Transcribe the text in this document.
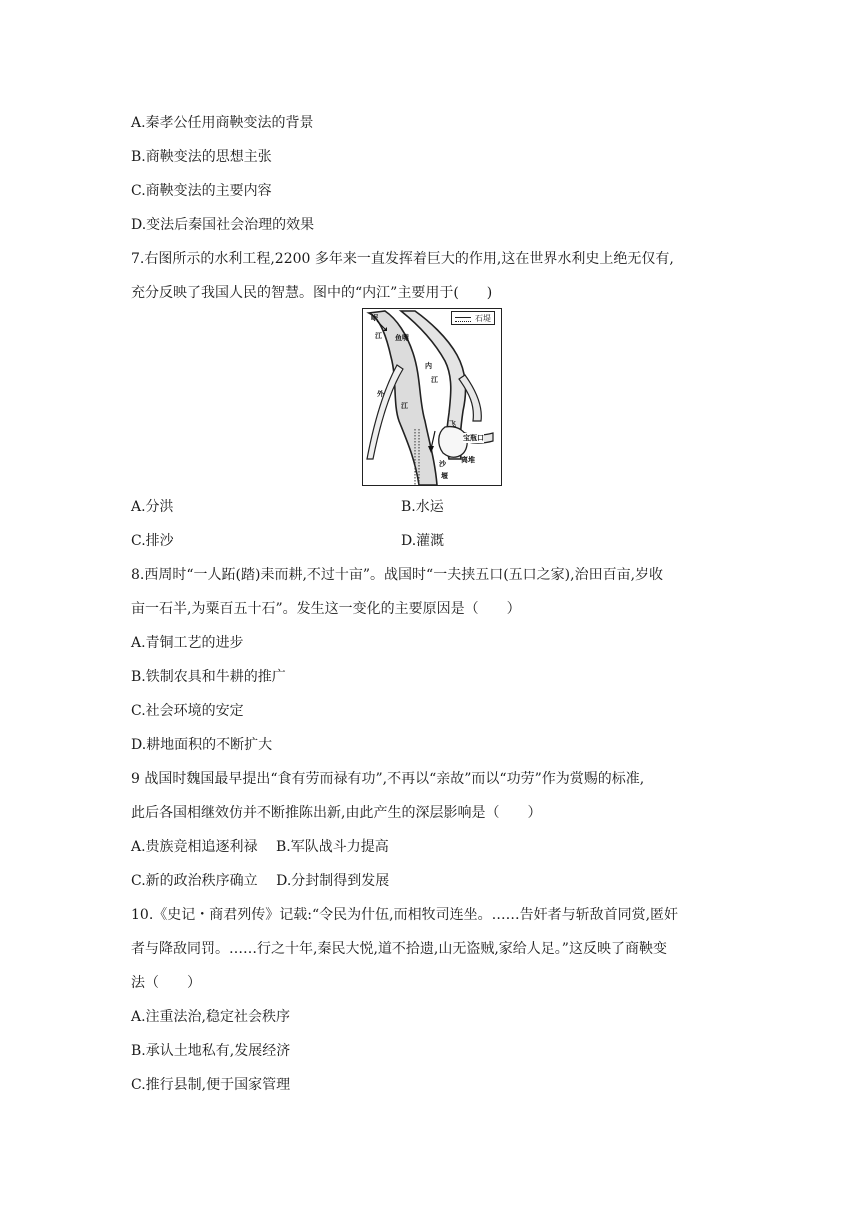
A.秦孝公任用商鞅变法的背景
B.商鞅变法的思想主张
C.商鞅变法的主要内容
D.变法后秦国社会治理的效果
7.右图所示的水利工程,2200 多年来一直发挥着巨大的作用,这在世界水利史上绝无仅有,
充分反映了我国人民的智慧。图中的“内江”主要用于(　　)
石堤
岷
江 鱼嘴
内
江
外
江
宝瓶口
离堆
飞
沙
堰
A.分洪	B.水运
C.排沙	D.灌溉
8.西周时“一人跖(踏)耒而耕,不过十亩”。战国时“一夫挟五口(五口之家),治田百亩,岁收
亩一石半,为粟百五十石”。发生这一变化的主要原因是（　　）
A.青铜工艺的进步
B.铁制农具和牛耕的推广
C.社会环境的安定
D.耕地面积的不断扩大
9 战国时魏国最早提出“食有劳而禄有功”,不再以“亲故”而以“功劳”作为赏赐的标准,
此后各国相继效仿并不断推陈出新,由此产生的深层影响是（　　）
A.贵族竞相追逐利禄　 B.军队战斗力提高
C.新的政治秩序确立　 D.分封制得到发展
10.《史记・商君列传》记载:“令民为什伍,而相牧司连坐。……告奸者与斩敌首同赏,匿奸
者与降敌同罚。……行之十年,秦民大悦,道不拾遗,山无盗贼,家给人足。”这反映了商鞅变
法（　　）
A.注重法治,稳定社会秩序
B.承认土地私有,发展经济
C.推行县制,便于国家管理
